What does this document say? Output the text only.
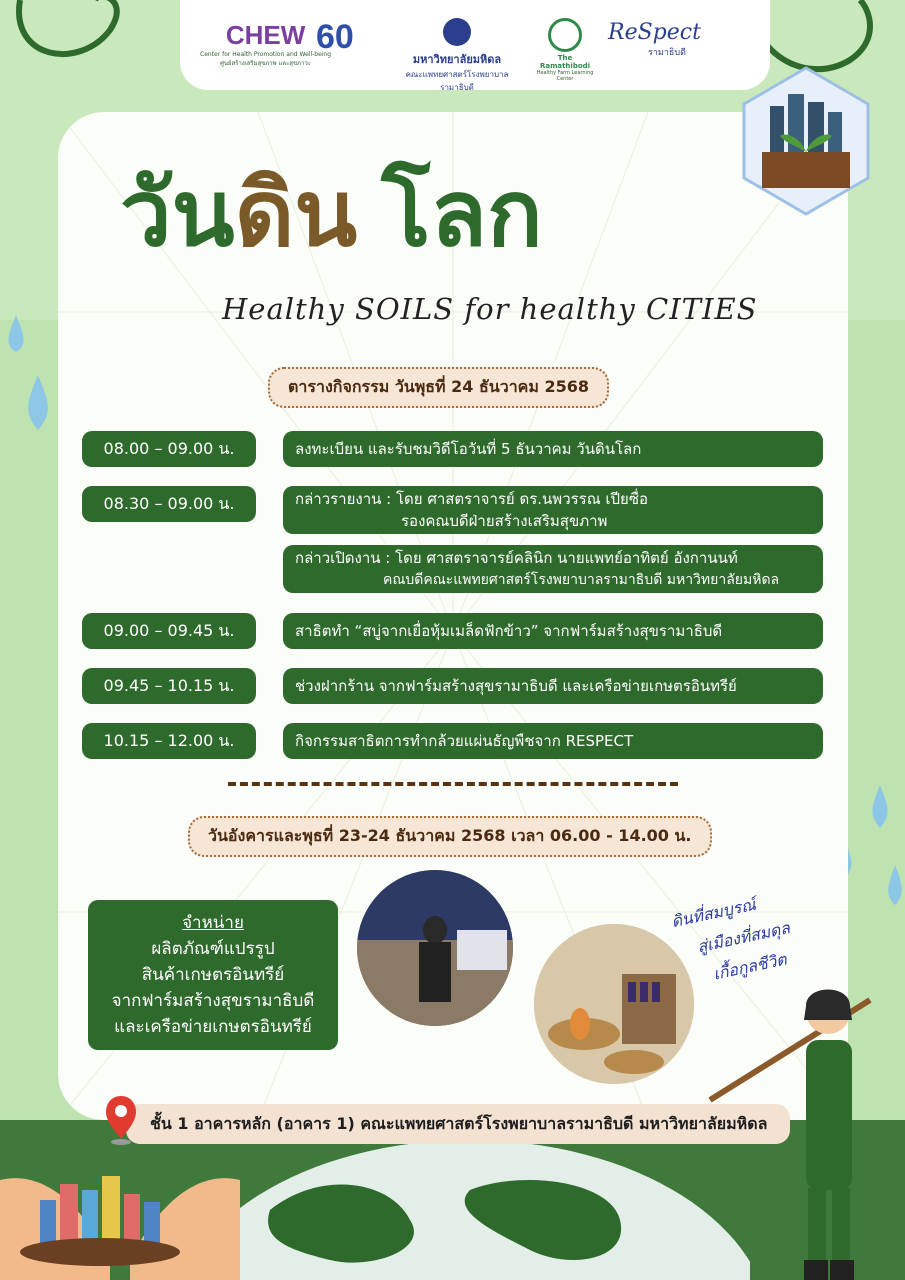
CHEW
Center for Health Promotion and Well-being
ศูนย์สร้างเสริมสุขภาพ และสุขภาวะ
60
มหาวิทยาลัยมหิดล
คณะแพทยศาสตร์โรงพยาบาลรามาธิบดี
The Ramathibodi
Healthy Farm Learning Center
ReSpect
รามาธิบดี
วันดิน โลก
Healthy SOILS for healthy CITIES
ตารางกิจกรรม วันพุธที่ 24 ธันวาคม 2568
08.00 – 09.00 น.	ลงทะเบียน และรับชมวิดีโอวันที่ 5 ธันวาคม วันดินโลก
08.30 – 09.00 น.	กล่าวรายงาน : โดย ศาสตราจารย์ ดร.นพวรรณ เปียซื่อ
รองคณบดีฝ่ายสร้างเสริมสุขภาพ
กล่าวเปิดงาน : โดย ศาสตราจารย์คลินิก นายแพทย์อาทิตย์ อังกานนท์
คณบดีคณะแพทยศาสตร์โรงพยาบาลรามาธิบดี มหาวิทยาลัยมหิดล
09.00 – 09.45 น.	สาธิตทำ “สบู่จากเยื่อหุ้มเมล็ดฟักข้าว” จากฟาร์มสร้างสุขรามาธิบดี
09.45 – 10.15 น.	ช่วงฝากร้าน จากฟาร์มสร้างสุขรามาธิบดี และเครือข่ายเกษตรอินทรีย์
10.15 – 12.00 น.	กิจกรรมสาธิตการทำกล้วยแผ่นธัญพืชจาก RESPECT
วันอังคารและพุธที่ 23-24 ธันวาคม 2568 เวลา 06.00 - 14.00 น.
จำหน่าย
ผลิตภัณฑ์แปรรูป
สินค้าเกษตรอินทรีย์
จากฟาร์มสร้างสุขรามาธิบดี
และเครือข่ายเกษตรอินทรีย์
ดินที่สมบูรณ์
สู่เมืองที่สมดุล
เกื้อกูลชีวิต
ชั้น 1 อาคารหลัก (อาคาร 1) คณะแพทยศาสตร์โรงพยาบาลรามาธิบดี มหาวิทยาลัยมหิดล
